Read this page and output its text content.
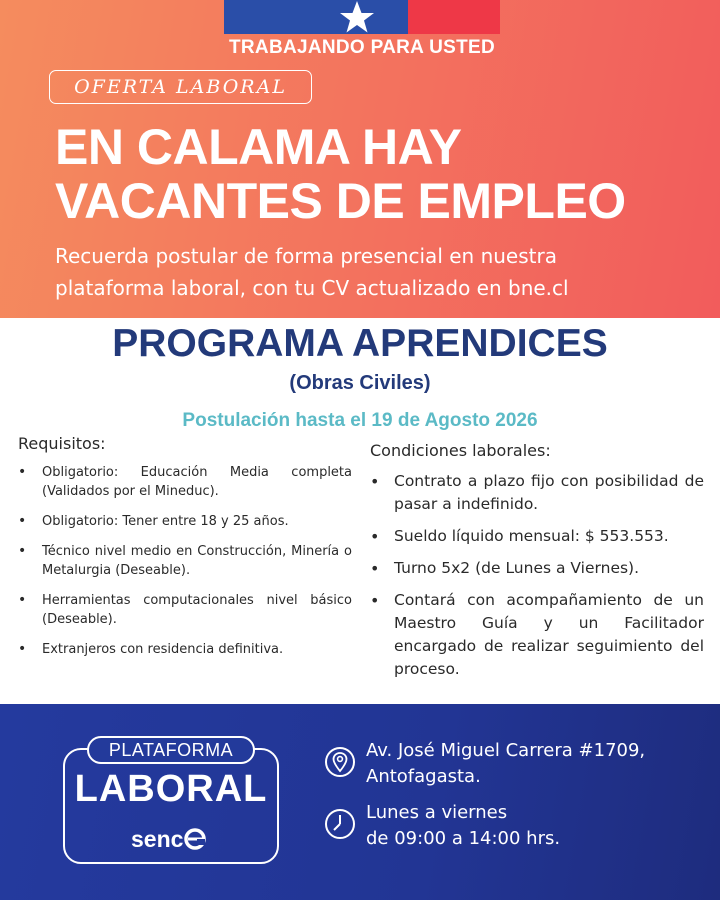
TRABAJANDO PARA USTED
OFERTA LABORAL
EN CALAMA HAY
VACANTES DE EMPLEO
Recuerda postular de forma presencial en nuestra
plataforma laboral, con tu CV actualizado en bne.cl
PROGRAMA APRENDICES
(Obras Civiles)
Postulación hasta el 19 de Agosto 2026
Requisitos:
• Obligatorio: Educación Media completa (Validados por el Mineduc).
• Obligatorio: Tener entre 18 y 25 años.
• Técnico nivel medio en Construcción, Minería o Metalurgia (Deseable).
• Herramientas computacionales nivel básico (Deseable).
• Extranjeros con residencia definitiva.
Condiciones laborales:
• Contrato a plazo fijo con posibilidad de pasar a indefinido.
• Sueldo líquido mensual: $ 553.553.
• Turno 5x2 (de Lunes a Viernes).
• Contará con acompañamiento de un Maestro Guía y un Facilitador encargado de realizar seguimiento del proceso.
PLATAFORMA
LABORAL
senc
Av. José Miguel Carrera #1709,
Antofagasta.
Lunes a viernes
de 09:00 a 14:00 hrs.
